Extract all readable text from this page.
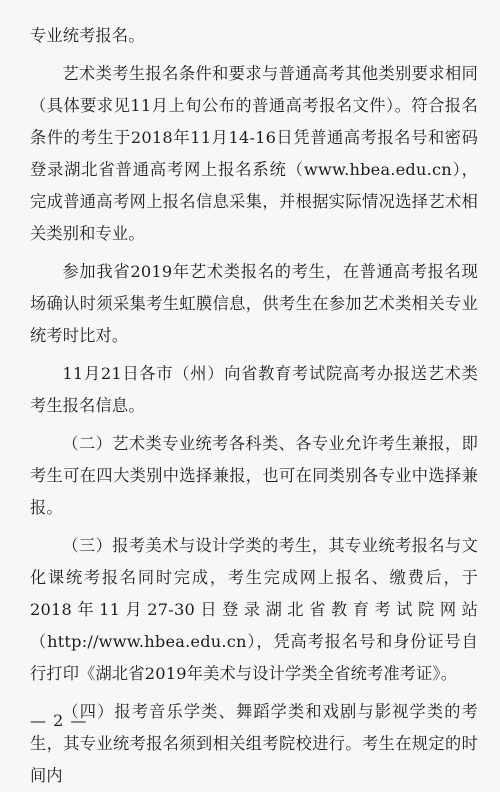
专业统考报名。

艺术类考生报名条件和要求与普通高考其他类别要求相同（具体要求见11月上旬公布的普通高考报名文件）。符合报名条件的考生于2018年11月14-16日凭普通高考报名号和密码登录湖北省普通高考网上报名系统（www.hbea.edu.cn），完成普通高考网上报名信息采集，并根据实际情况选择艺术相关类别和专业。

参加我省2019年艺术类报名的考生，在普通高考报名现场确认时须采集考生虹膜信息，供考生在参加艺术类相关专业统考时比对。

11月21日各市（州）向省教育考试院高考办报送艺术类考生报名信息。

（二）艺术类专业统考各科类、各专业允许考生兼报，即考生可在四大类别中选择兼报，也可在同类别各专业中选择兼报。

（三）报考美术与设计学类的考生，其专业统考报名与文化课统考报名同时完成，考生完成网上报名、缴费后，于2018年11月27-30日登录湖北省教育考试院网站（http://www.hbea.edu.cn），凭高考报名号和身份证号自行打印《湖北省2019年美术与设计学类全省统考准考证》。

（四）报考音乐学类、舞蹈学类和戏剧与影视学类的考生，其专业统考报名须到相关组考院校进行。考生在规定的时间内

— 2 —
